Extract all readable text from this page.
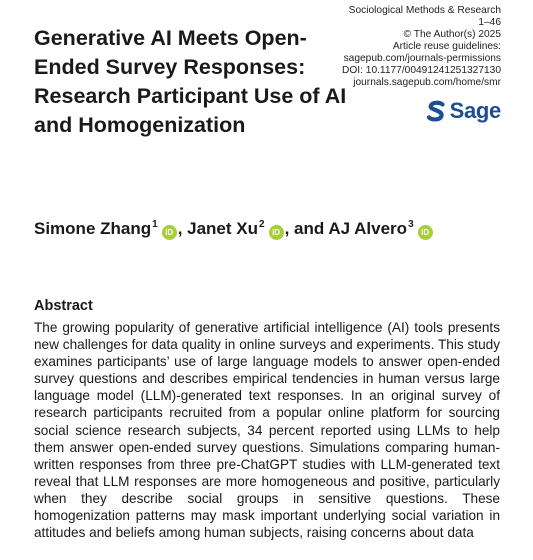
Generative AI Meets Open-Ended Survey Responses: Research Participant Use of AI and Homogenization
Sociological Methods & Research
1–46
© The Author(s) 2025
Article reuse guidelines:
sagepub.com/journals-permissions
DOI: 10.1177/00491241251327130
journals.sagepub.com/home/smr
Sage
Simone Zhang$^1$iD , Janet Xu$^2$iD , and AJ Alvero$^3$iD
Abstract

The growing popularity of generative artificial intelligence (AI) tools presents new challenges for data quality in online surveys and experiments. This study examines participants’ use of large language models to answer open-ended survey questions and describes empirical tendencies in human versus large language model (LLM)-generated text responses. In an original survey of research participants recruited from a popular online platform for sourcing social science research subjects, 34 percent reported using LLMs to help them answer open-ended survey questions. Simulations comparing human-written responses from three pre-ChatGPT studies with LLM-generated text reveal that LLM responses are more homogeneous and positive, particularly when they describe social groups in sensitive questions. These homogenization patterns may mask important underlying social variation in attitudes and beliefs among human subjects, raising concerns about data
